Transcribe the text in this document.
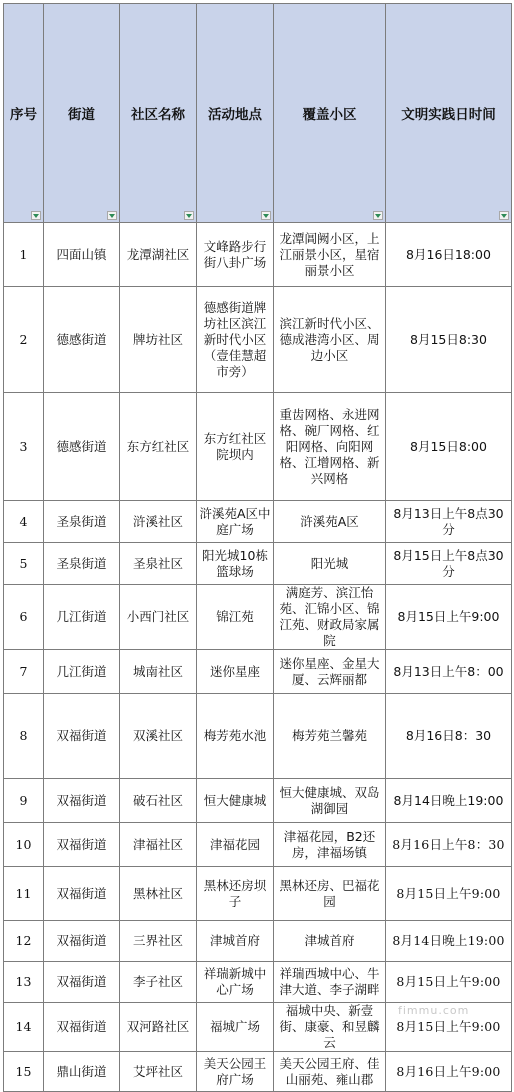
序号	街道	社区名称	活动地点	覆盖小区	文明实践日时间

1	四面山镇	龙潭湖社区	文峰路步行街八卦广场	龙潭阊阙小区，上江丽景小区，星宿丽景小区	8月16日18:00
2	德感街道	牌坊社区	德感街道牌坊社区滨江新时代小区（壹佳慧超市旁）	滨江新时代小区、德成港湾小区、周边小区	8月15日8:30
3	德感街道	东方红社区	东方红社区院坝内	重齿网格、永进网格、碗厂网格、红阳网格、向阳网格、江增网格、新兴网格	8月15日8:00
4	圣泉街道	浒溪社区	浒溪苑A区中庭广场	浒溪苑A区	8月13日上午8点30分
5	圣泉街道	圣泉社区	阳光城10栋篮球场	阳光城	8月15日上午8点30分
6	几江街道	小西门社区	锦江苑	满庭芳、滨江怡苑、汇锦小区、锦江苑、财政局家属院	8月15日上午9:00
7	几江街道	城南社区	迷你星座	迷你星座、金星大厦、云辉丽都	8月13日上午8：00
8	双福街道	双溪社区	梅芳苑水池	梅芳苑兰馨苑	8月16日8：30
9	双福街道	破石社区	恒大健康城	恒大健康城、双岛湖御园	8月14日晚上19:00
10	双福街道	津福社区	津福花园	津福花园，B2还房，津福场镇	8月16日上午8：30
11	双福街道	黑林社区	黑林还房坝子	黑林还房、巴福花园	8月15日上午9:00
12	双福街道	三界社区	津城首府	津城首府	8月14日晚上19:00
13	双福街道	李子社区	祥瑞新城中心广场	祥瑞西城中心、牛津大道、李子湖畔	8月15日上午9:00
14	双福街道	双河路社区	福城广场	福城中央、新壹街、康豪、和昱麟云	8月15日上午9:00
15	鼎山街道	艾坪社区	美天公园王府广场	美天公园王府、佳山丽苑、雍山郡	8月16日上午9:00
fimmu.com
